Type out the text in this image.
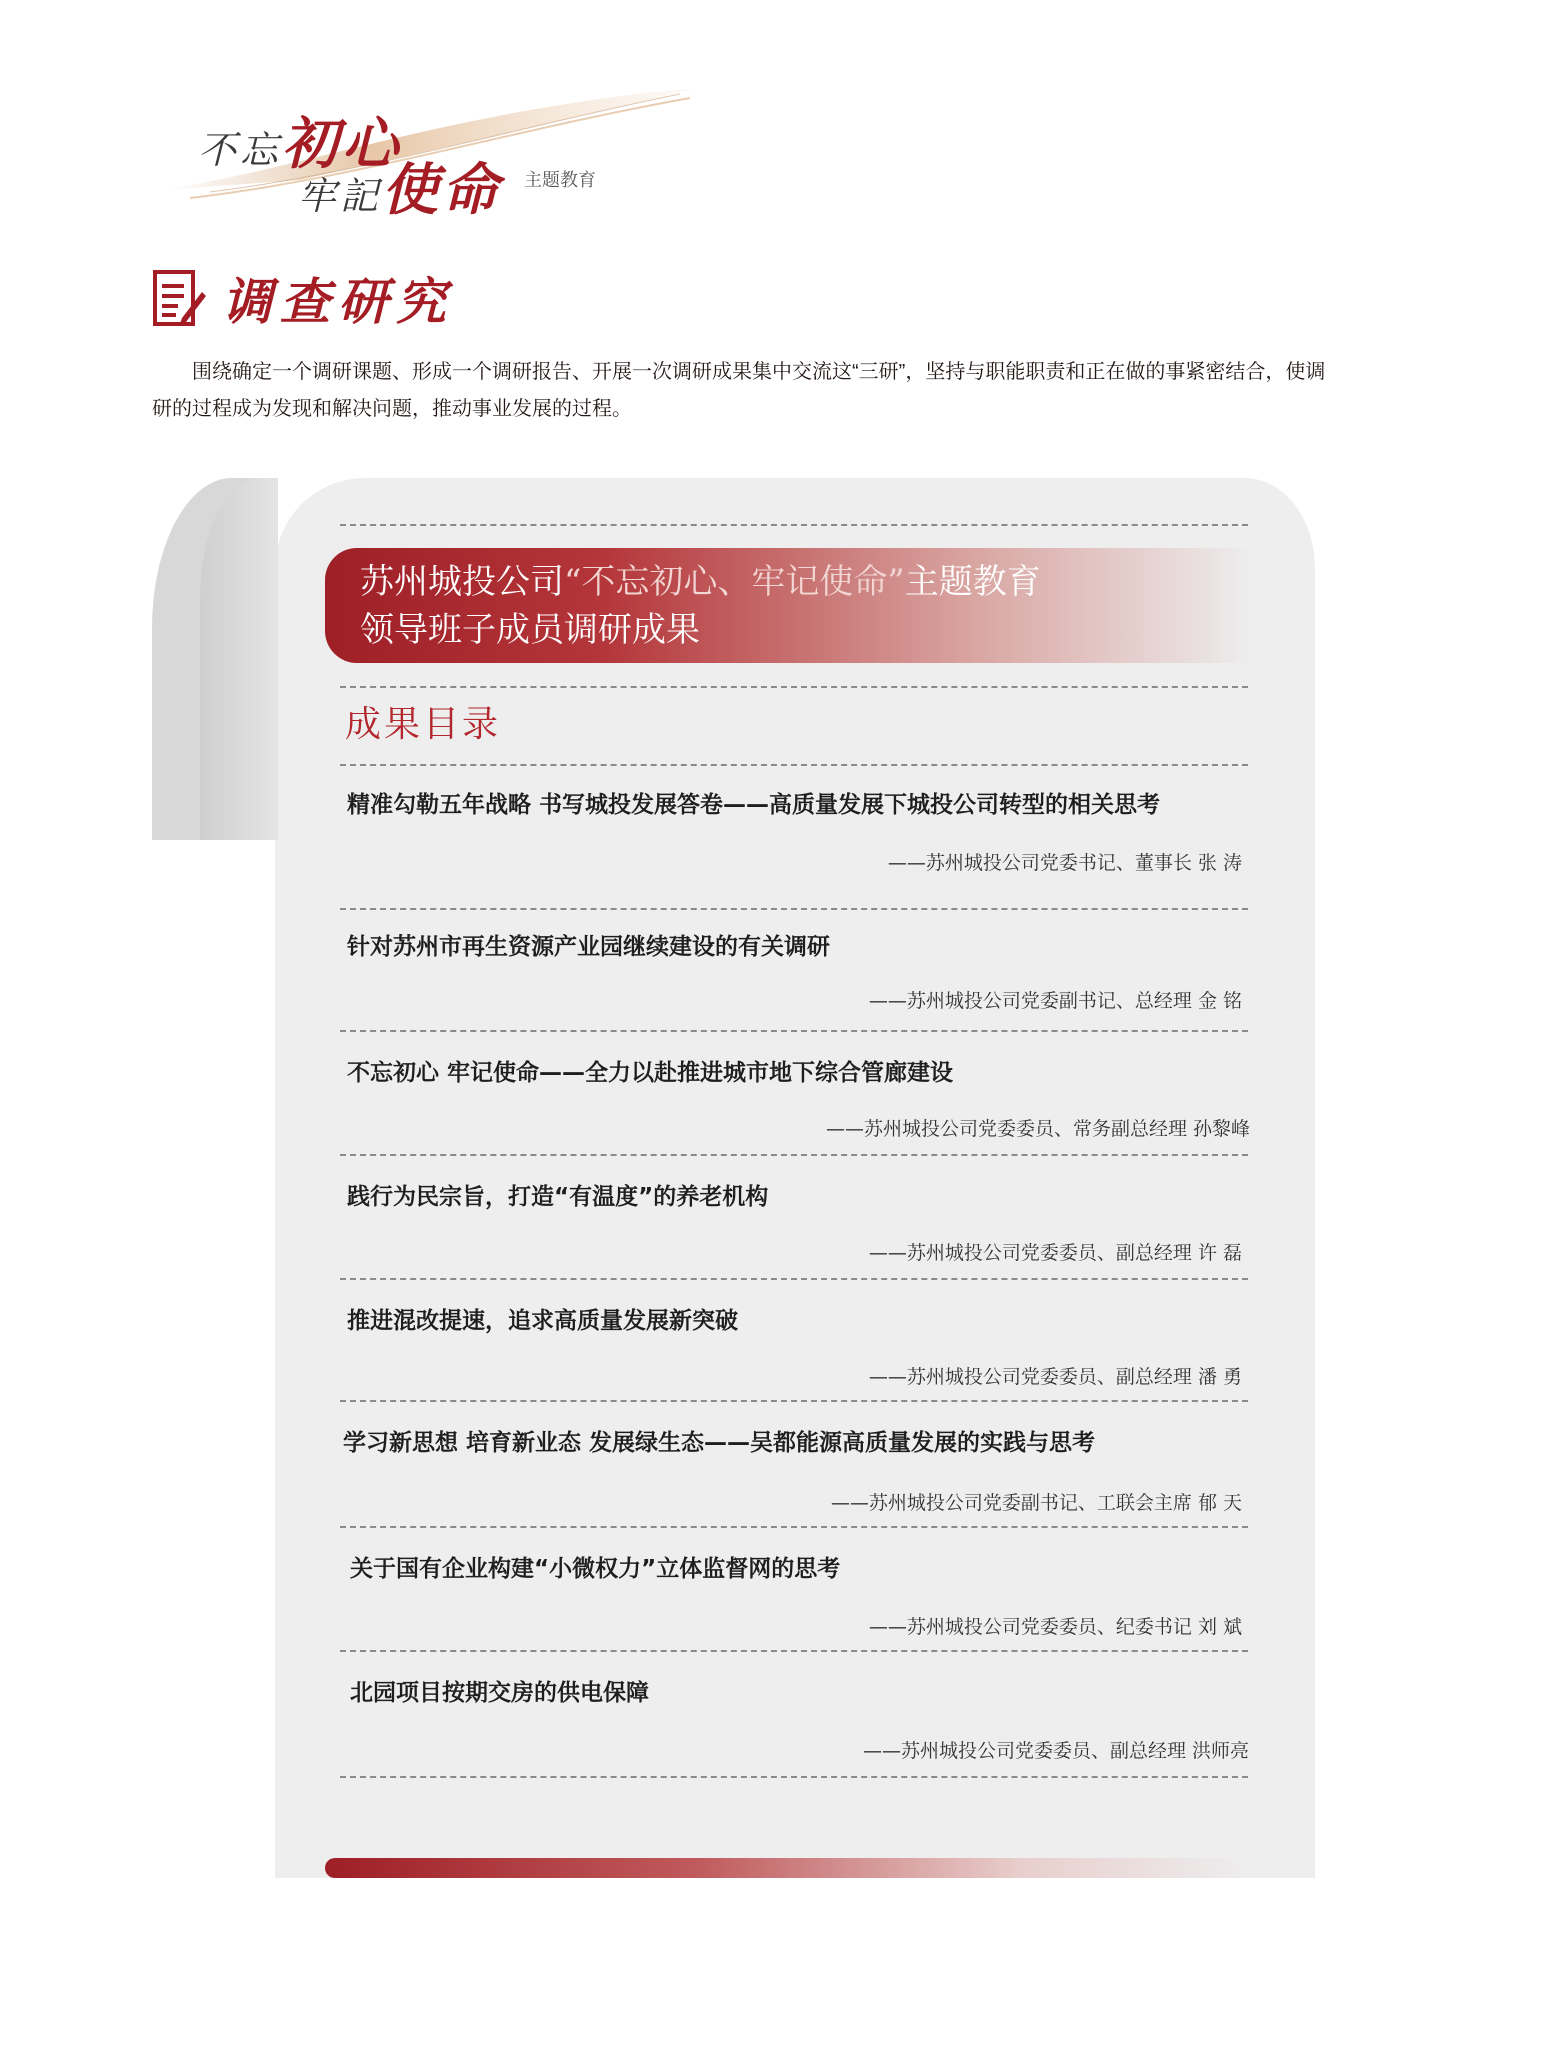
不忘初心
牢記使命 主题教育
调查研究
围绕确定一个调研课题、形成一个调研报告、开展一次调研成果集中交流这“三研”，坚持与职能职责和正在做的事紧密结合，使调研的过程成为发现和解决问题，推动事业发展的过程。
苏州城投公司“不忘初心、牢记使命”主题教育
领导班子成员调研成果
成果目录
精准勾勒五年战略 书写城投发展答卷——高质量发展下城投公司转型的相关思考
——苏州城投公司党委书记、董事长 张 涛
针对苏州市再生资源产业园继续建设的有关调研
——苏州城投公司党委副书记、总经理 金 铭
不忘初心 牢记使命——全力以赴推进城市地下综合管廊建设
——苏州城投公司党委委员、常务副总经理 孙黎峰
践行为民宗旨，打造“有温度”的养老机构
——苏州城投公司党委委员、副总经理 许 磊
推进混改提速，追求高质量发展新突破
——苏州城投公司党委委员、副总经理 潘 勇
学习新思想 培育新业态 发展绿生态——吴都能源高质量发展的实践与思考
——苏州城投公司党委副书记、工联会主席 郁 天
关于国有企业构建“小微权力”立体监督网的思考
——苏州城投公司党委委员、纪委书记 刘 斌
北园项目按期交房的供电保障
——苏州城投公司党委委员、副总经理 洪师亮
